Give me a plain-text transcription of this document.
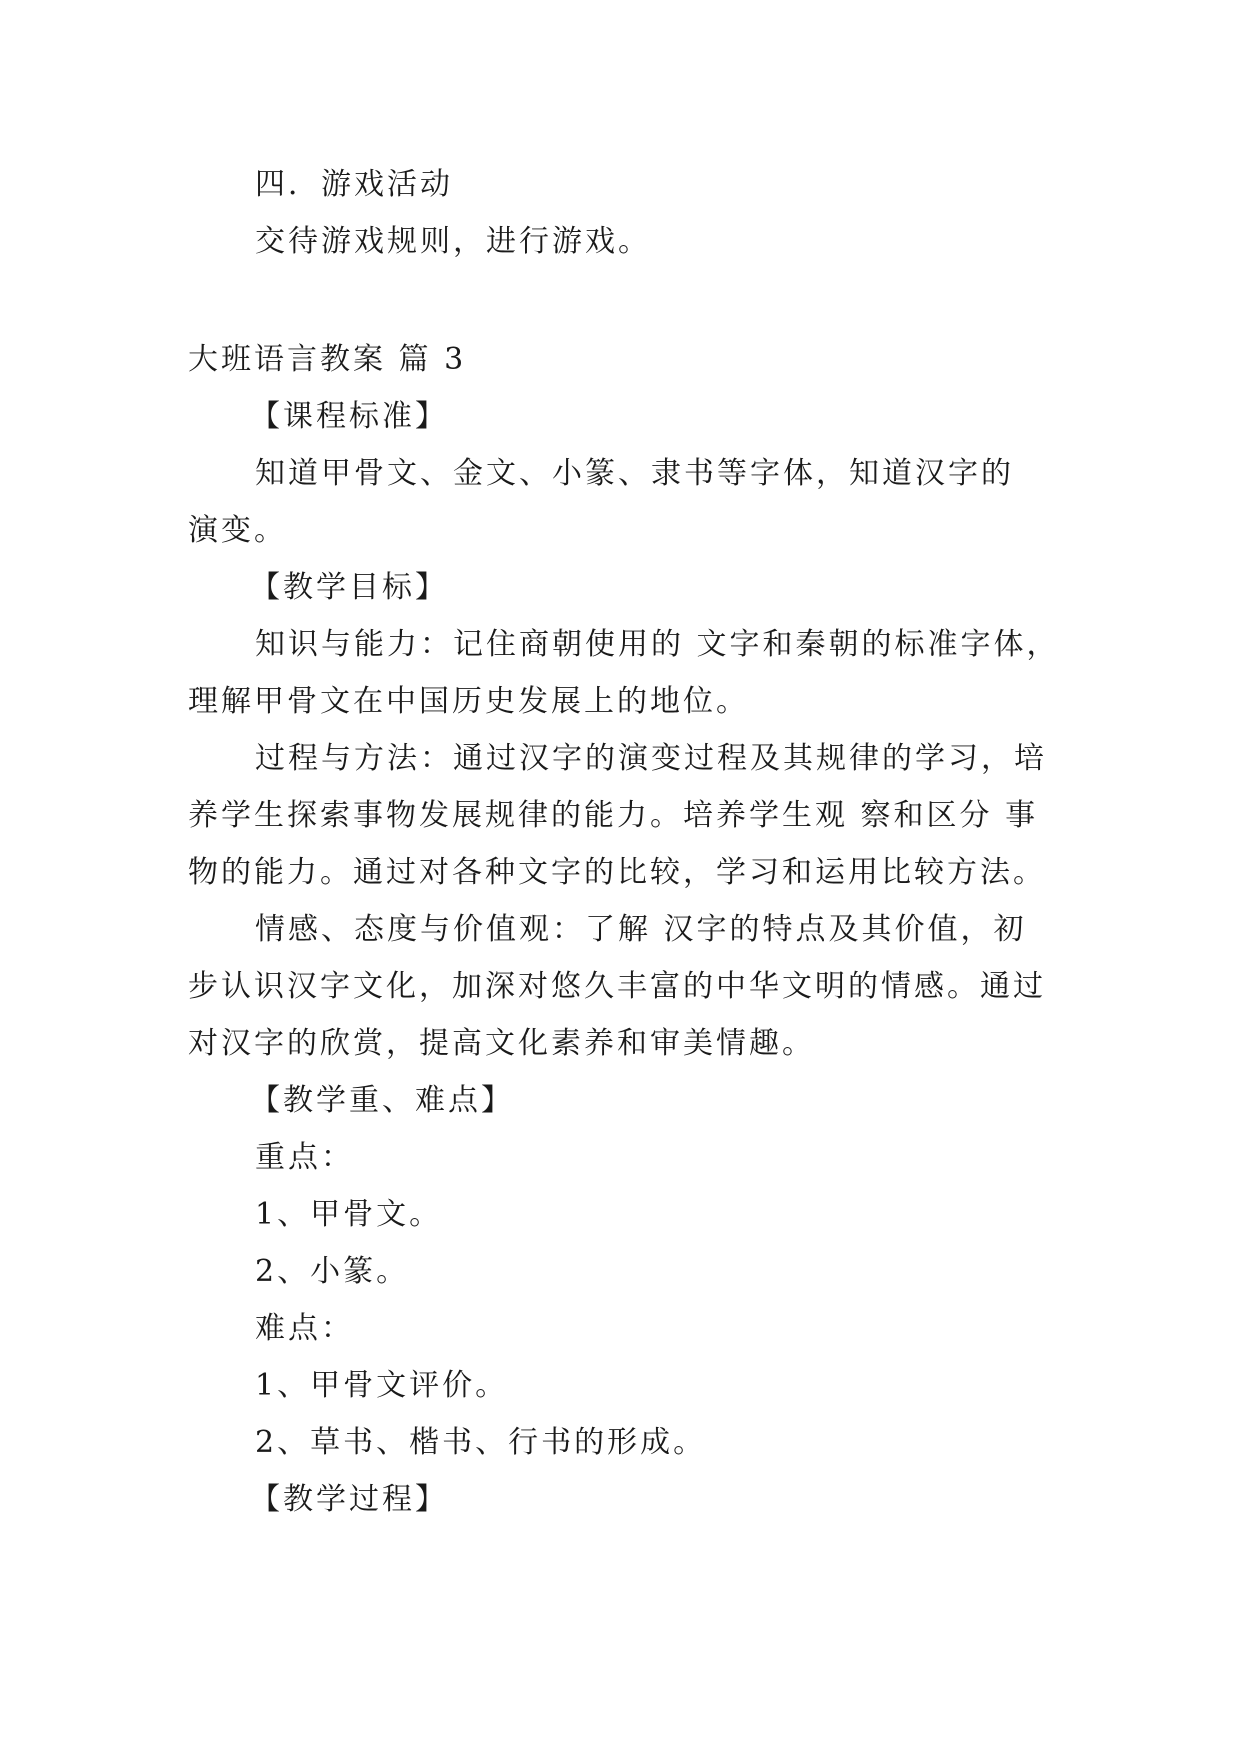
四．游戏活动
交待游戏规则，进行游戏。
大班语言教案 篇 3
【课程标准】
知道甲骨文、金文、小篆、隶书等字体，知道汉字的
演变。
【教学目标】
知识与能力：记住商朝使用的 文字和秦朝的标准字体，
理解甲骨文在中国历史发展上的地位。
过程与方法：通过汉字的演变过程及其规律的学习，培
养学生探索事物发展规律的能力。培养学生观 察和区分 事
物的能力。通过对各种文字的比较，学习和运用比较方法。
情感、态度与价值观：了解 汉字的特点及其价值，初
步认识汉字文化，加深对悠久丰富的中华文明的情感。通过
对汉字的欣赏，提高文化素养和审美情趣。
【教学重、难点】
重点：
1、甲骨文。
2、小篆。
难点：
1、甲骨文评价。
2、草书、楷书、行书的形成。
【教学过程】
